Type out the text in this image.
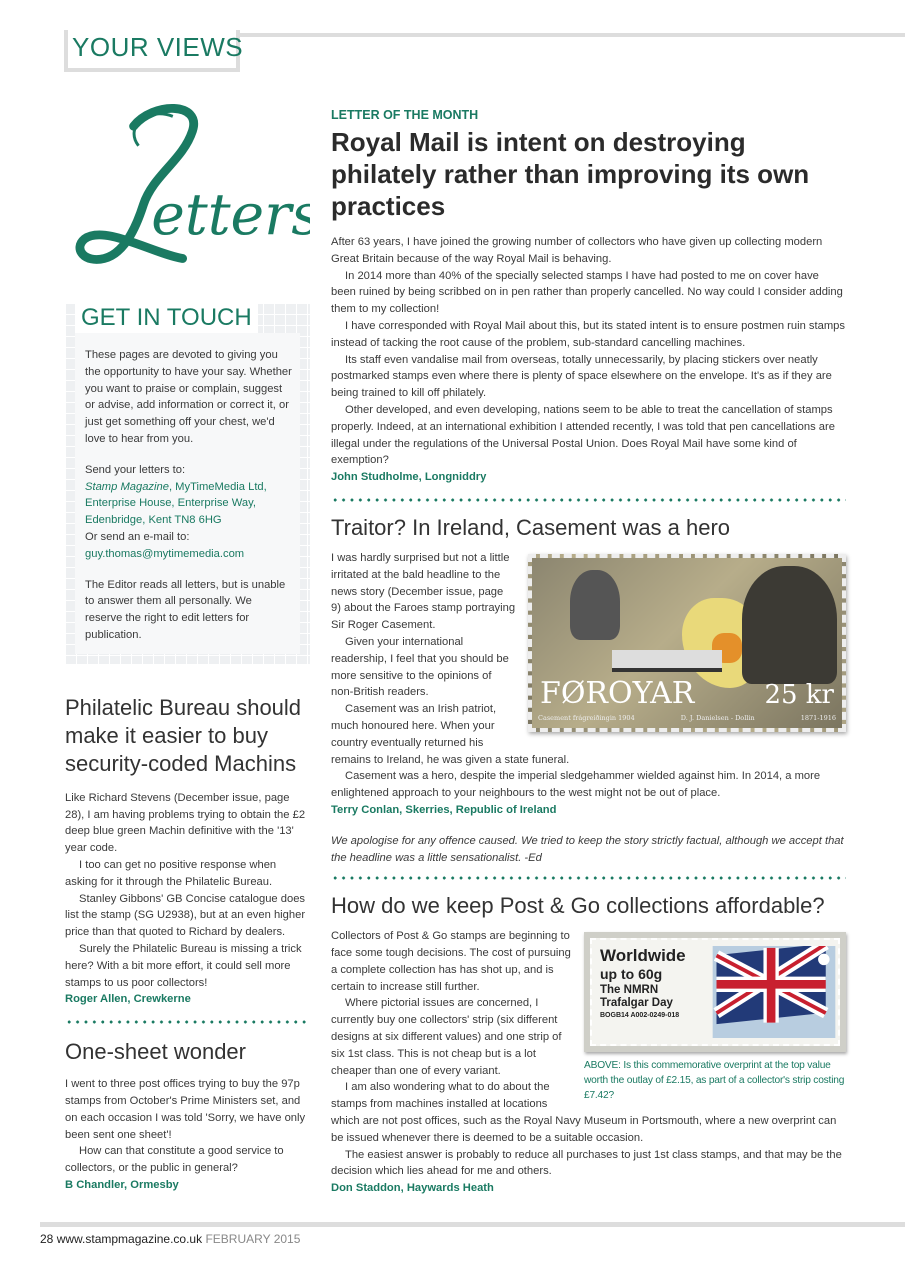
YOUR VIEWS
etters
GET IN TOUCH
These pages are devoted to giving you the opportunity to have your say. Whether you want to praise or complain, suggest or advise, add information or correct it, or just get something off your chest, we'd love to hear from you.
Send your letters to:
Stamp Magazine, MyTimeMedia Ltd, Enterprise House, Enterprise Way, Edenbridge, Kent TN8 6HG
Or send an e-mail to:
guy.thomas@mytimemedia.com
The Editor reads all letters, but is unable to answer them all personally. We reserve the right to edit letters for publication.
Philatelic Bureau should make it easier to buy security-coded Machins

Like Richard Stevens (December issue, page 28), I am having problems trying to obtain the £2 deep blue green Machin definitive with the '13' year code.

I too can get no positive response when asking for it through the Philatelic Bureau.

Stanley Gibbons' GB Concise catalogue does list the stamp (SG U2938), but at an even higher price than that quoted to Richard by dealers.

Surely the Philatelic Bureau is missing a trick here? With a bit more effort, it could sell more stamps to us poor collectors!

Roger Allen, Crewkerne
One-sheet wonder

I went to three post offices trying to buy the 97p stamps from October's Prime Ministers set, and on each occasion I was told 'Sorry, we have only been sent one sheet'!

How can that constitute a good service to collectors, or the public in general?

B Chandler, Ormesby
LETTER OF THE MONTH
Royal Mail is intent on destroying philately rather than improving its own practices

After 63 years, I have joined the growing number of collectors who have given up collecting modern Great Britain because of the way Royal Mail is behaving.

In 2014 more than 40% of the specially selected stamps I have had posted to me on cover have been ruined by being scribbed on in pen rather than properly cancelled. No way could I consider adding them to my collection!

I have corresponded with Royal Mail about this, but its stated intent is to ensure postmen ruin stamps instead of tacking the root cause of the problem, sub-standard cancelling machines.

Its staff even vandalise mail from overseas, totally unnecessarily, by placing stickers over neatly postmarked stamps even where there is plenty of space elsewhere on the envelope. It's as if they are being trained to kill off philately.

Other developed, and even developing, nations seem to be able to treat the cancellation of stamps properly. Indeed, at an international exhibition I attended recently, I was told that pen cancellations are illegal under the regulations of the Universal Postal Union. Does Royal Mail have some kind of exemption?

John Studholme, Longniddry
Traitor? In Ireland, Casement was a hero
FØROYAR	25 kr
Casement frágreiðingin 1904	D. J. Danielsen - Dollin	1871-1916

I was hardly surprised but not a little irritated at the bald headline to the news story (December issue, page 9) about the Faroes stamp portraying Sir Roger Casement.

Given your international readership, I feel that you should be more sensitive to the opinions of non-British readers.

Casement was an Irish patriot, much honoured here. When your country eventually returned his remains to Ireland, he was given a state funeral.

Casement was a hero, despite the imperial sledgehammer wielded against him. In 2014, a more enlightened approach to your neighbours to the west might not be out of place.

Terry Conlan, Skerries, Republic of Ireland
We apologise for any offence caused. We tried to keep the story strictly factual, although we accept that the headline was a little sensationalist. -Ed
How do we keep Post & Go collections affordable?
Worldwide
up to 60g
The NMRN
Trafalgar Day
BOGB14 A002-0249-018
ABOVE: Is this commemorative overprint at the top value worth the outlay of £2.15, as part of a collector's strip costing £7.42?

Collectors of Post & Go stamps are beginning to face some tough decisions. The cost of pursuing a complete collection has has shot up, and is certain to increase still further.

Where pictorial issues are concerned, I currently buy one collectors' strip (six different designs at six different values) and one strip of six 1st class. This is not cheap but is a lot cheaper than one of every variant.

I am also wondering what to do about the stamps from machines installed at locations which are not post offices, such as the Royal Navy Museum in Portsmouth, where a new overprint can be issued whenever there is deemed to be a suitable occasion.

The easiest answer is probably to reduce all purchases to just 1st class stamps, and that may be the decision which lies ahead for me and others.

Don Staddon, Haywards Heath
28 www.stampmagazine.co.uk FEBRUARY 2015
